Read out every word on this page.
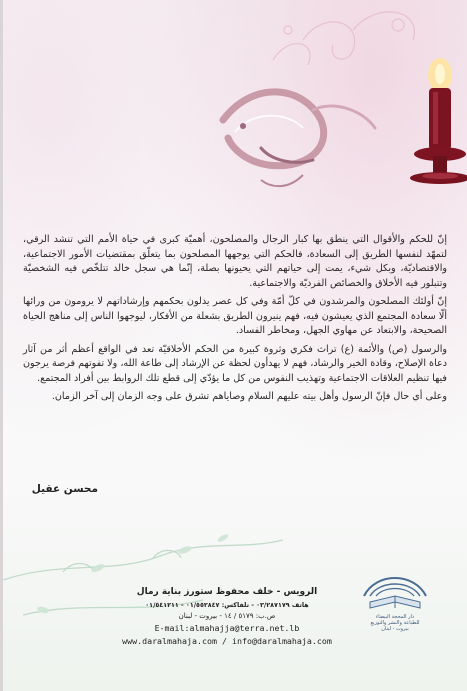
إنّ للحكم والأقوال التي ينطق بها كبار الرجال والمصلحون، أهميّة كبرى في حياة الأمم التي تنشد الرقي، لتمهّد لنفسها الطريق إلى السعادة، فالحكم التي يوجهها المصلحون بما يتعلّق بمقتضيات الأمور الاجتماعية، والاقتصاديّة، وبكل شيء، يمت إلى حياتهم التي يحيونها بصلة، إنّما هي سجل خالد تتلخّص فيه الشخصيّة وتتبلور فيه الأخلاق والخصائص الفرديّة والاجتماعية.

إنّ أولئك المصلحون والمرشدون في كلّ أمّة وفي كل عصر يدلون بحكمهم وإرشاداتهم لا يرومون من ورائها ألّا سعادة المجتمع الذي يعيشون فيه، فهم ينيرون الطريق بشعلة من الأفكار، ليوجهوا الناس إلى مناهج الحياة الصحيحة، والابتعاد عن مهاوي الجهل، ومخاطر الفساد.

والرسول (ص) والأئمة (ع) تراث فكري وثروة كبيرة من الحكم الأخلاقيّة تعد في الواقع أعظم أثر من آثار دعاة الإصلاح، وقادة الخير والرشاد، فهم لا يهدأون لحظة عن الإرشاد إلى طاعة الله، ولا تفوتهم فرصة يرجون فيها تنظيم العلاقات الاجتماعية وتهذيب النفوس من كل ما يؤدّي إلى قطع تلك الروابط بين أفراد المجتمع.

وعلى أي حال فإنّ الرسول وأهل بيته عليهم السلام وصاياهم تشرق على وجه الزمان إلى آخر الزمان.

محسن عقيل
دار المحجة البيضاء
للطباعة والنشر والتوزيع
بيروت - لبنان
الرويس - خلف محفوظ ستورز بناية رمال
هاتف ٠٣/٢٨٧١٧٩ - تلفاكس: ٠١/٥٥٢٨٤٧ - ٠١/٥٤١٢١١
ص.ب: ٥١٧٩ / ١٤ - بيروت - لبنان
E-mail:almahajja@terra.net.lb
www.daralmahaja.com / info@daralmahaja.com
